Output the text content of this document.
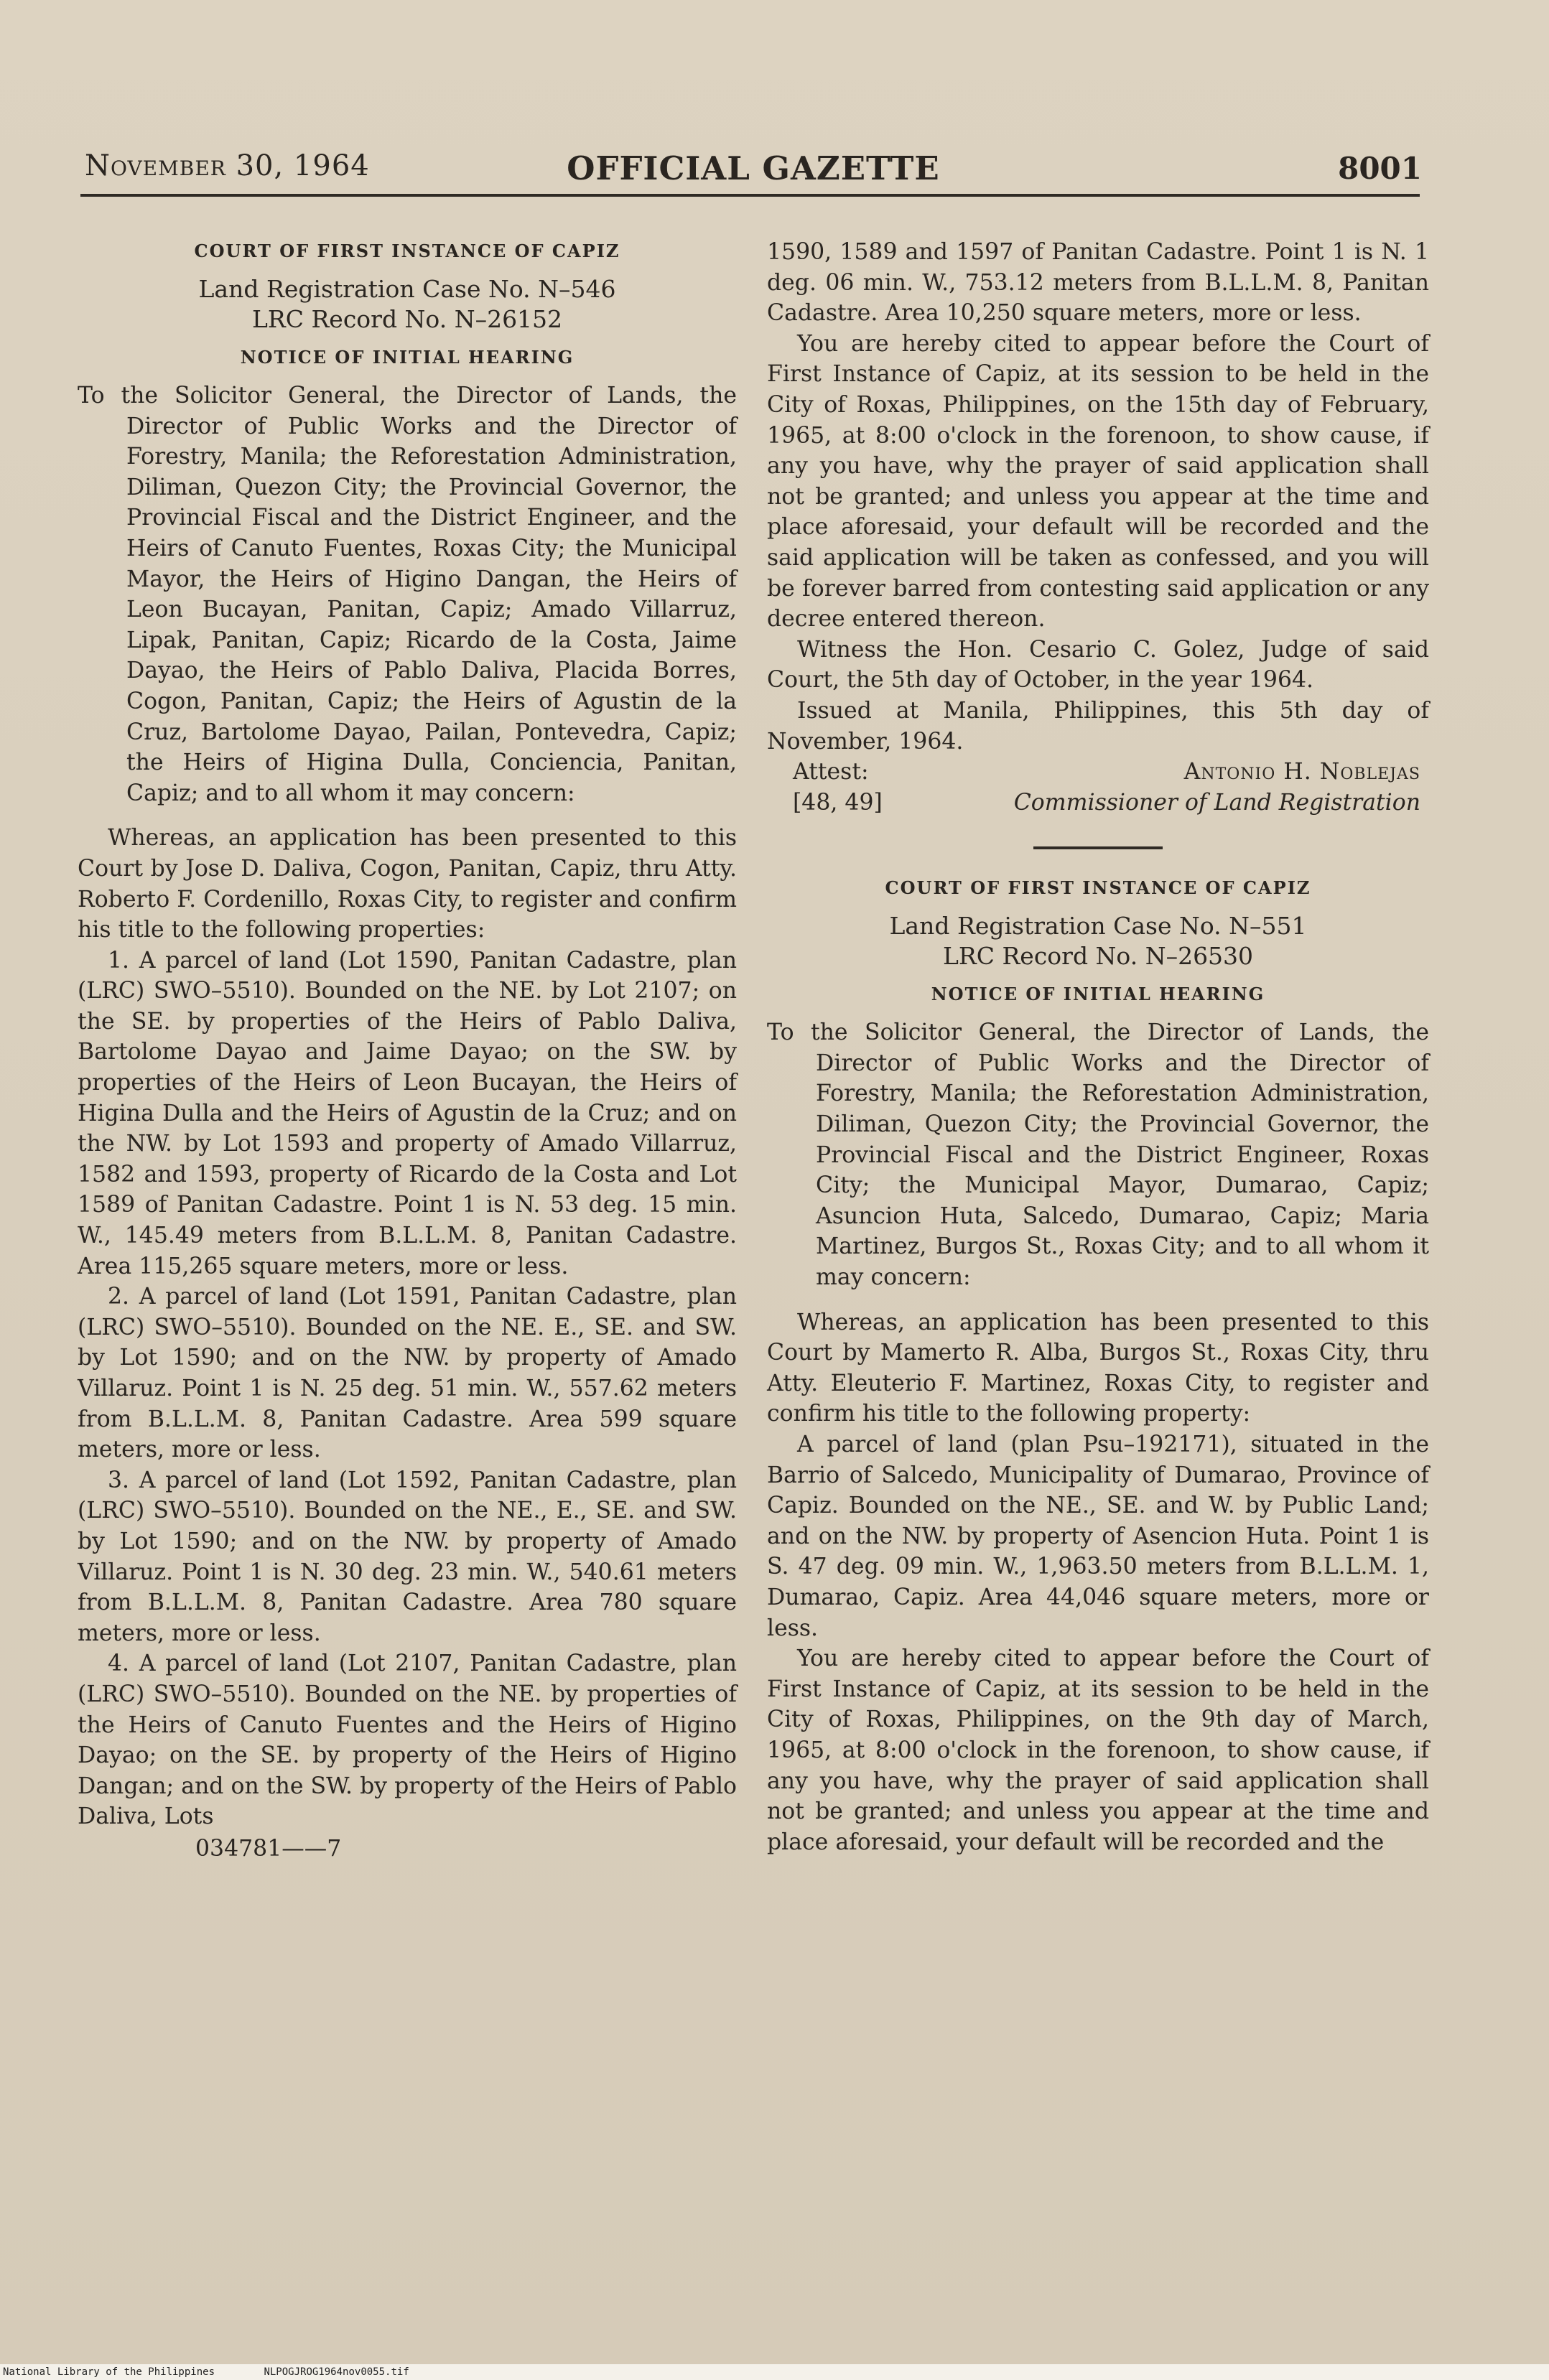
November 30, 1964	OFFICIAL GAZETTE	8001

COURT OF FIRST INSTANCE OF CAPIZ

Land Registration Case No. N–546

LRC Record No. N–26152

NOTICE OF INITIAL HEARING

To the Solicitor General, the Director of Lands, the Director of Public Works and the Director of Forestry, Manila; the Reforestation Administration, Diliman, Quezon City; the Provincial Governor, the Provincial Fiscal and the District Engineer, and the Heirs of Canuto Fuentes, Roxas City; the Municipal Mayor, the Heirs of Higino Dangan, the Heirs of Leon Bucayan, Panitan, Capiz; Amado Villarruz, Lipak, Panitan, Capiz; Ricardo de la Costa, Jaime Dayao, the Heirs of Pablo Daliva, Placida Borres, Cogon, Panitan, Capiz; the Heirs of Agustin de la Cruz, Bartolome Dayao, Pailan, Pontevedra, Capiz; the Heirs of Higina Dulla, Conciencia, Panitan, Capiz; and to all whom it may concern:

Whereas, an application has been presented to this Court by Jose D. Daliva, Cogon, Panitan, Capiz, thru Atty. Roberto F. Cordenillo, Roxas City, to register and confirm his title to the following properties:

1. A parcel of land (Lot 1590, Panitan Cadastre, plan (LRC) SWO–5510). Bounded on the NE. by Lot 2107; on the SE. by properties of the Heirs of Pablo Daliva, Bartolome Dayao and Jaime Dayao; on the SW. by properties of the Heirs of Leon Bucayan, the Heirs of Higina Dulla and the Heirs of Agustin de la Cruz; and on the NW. by Lot 1593 and property of Amado Villarruz, 1582 and 1593, property of Ricardo de la Costa and Lot 1589 of Panitan Cadastre. Point 1 is N. 53 deg. 15 min. W., 145.49 meters from B.L.L.M. 8, Panitan Cadastre. Area 115,265 square meters, more or less.

2. A parcel of land (Lot 1591, Panitan Cadastre, plan (LRC) SWO–5510). Bounded on the NE. E., SE. and SW. by Lot 1590; and on the NW. by property of Amado Villaruz. Point 1 is N. 25 deg. 51 min. W., 557.62 meters from B.L.L.M. 8, Panitan Cadastre. Area 599 square meters, more or less.

3. A parcel of land (Lot 1592, Panitan Cadastre, plan (LRC) SWO–5510). Bounded on the NE., E., SE. and SW. by Lot 1590; and on the NW. by property of Amado Villaruz. Point 1 is N. 30 deg. 23 min. W., 540.61 meters from B.L.L.M. 8, Panitan Cadastre. Area 780 square meters, more or less.

4. A parcel of land (Lot 2107, Panitan Cadastre, plan (LRC) SWO–5510). Bounded on the NE. by properties of the Heirs of Canuto Fuentes and the Heirs of Higino Dayao; on the SE. by property of the Heirs of Higino Dangan; and on the SW. by property of the Heirs of Pablo Daliva, Lots

034781——7

1590, 1589 and 1597 of Panitan Cadastre. Point 1 is N. 1 deg. 06 min. W., 753.12 meters from B.L.L.M. 8, Panitan Cadastre. Area 10,250 square meters, more or less.

You are hereby cited to appear before the Court of First Instance of Capiz, at its session to be held in the City of Roxas, Philippines, on the 15th day of February, 1965, at 8:00 o'clock in the forenoon, to show cause, if any you have, why the prayer of said application shall not be granted; and unless you appear at the time and place aforesaid, your default will be recorded and the said application will be taken as confessed, and you will be forever barred from contesting said application or any decree entered thereon.

Witness the Hon. Cesario C. Golez, Judge of said Court, the 5th day of October, in the year 1964.

Issued at Manila, Philippines, this 5th day of November, 1964.

Attest:	Antonio H. Noblejas
[48, 49]	Commissioner of Land Registration

COURT OF FIRST INSTANCE OF CAPIZ

Land Registration Case No. N–551

LRC Record No. N–26530

NOTICE OF INITIAL HEARING

To the Solicitor General, the Director of Lands, the Director of Public Works and the Director of Forestry, Manila; the Reforestation Administration, Diliman, Quezon City; the Provincial Governor, the Provincial Fiscal and the District Engineer, Roxas City; the Municipal Mayor, Dumarao, Capiz; Asuncion Huta, Salcedo, Dumarao, Capiz; Maria Martinez, Burgos St., Roxas City; and to all whom it may concern:

Whereas, an application has been presented to this Court by Mamerto R. Alba, Burgos St., Roxas City, thru Atty. Eleuterio F. Martinez, Roxas City, to register and confirm his title to the following property:

A parcel of land (plan Psu–192171), situated in the Barrio of Salcedo, Municipality of Dumarao, Province of Capiz. Bounded on the NE., SE. and W. by Public Land; and on the NW. by property of Asencion Huta. Point 1 is S. 47 deg. 09 min. W., 1,963.50 meters from B.L.L.M. 1, Dumarao, Capiz. Area 44,046 square meters, more or less.

You are hereby cited to appear before the Court of First Instance of Capiz, at its session to be held in the City of Roxas, Philippines, on the 9th day of March, 1965, at 8:00 o'clock in the forenoon, to show cause, if any you have, why the prayer of said application shall not be granted; and unless you appear at the time and place aforesaid, your default will be recorded and the

National Library of the Philippines	NLPOGJROG1964nov0055.tif
